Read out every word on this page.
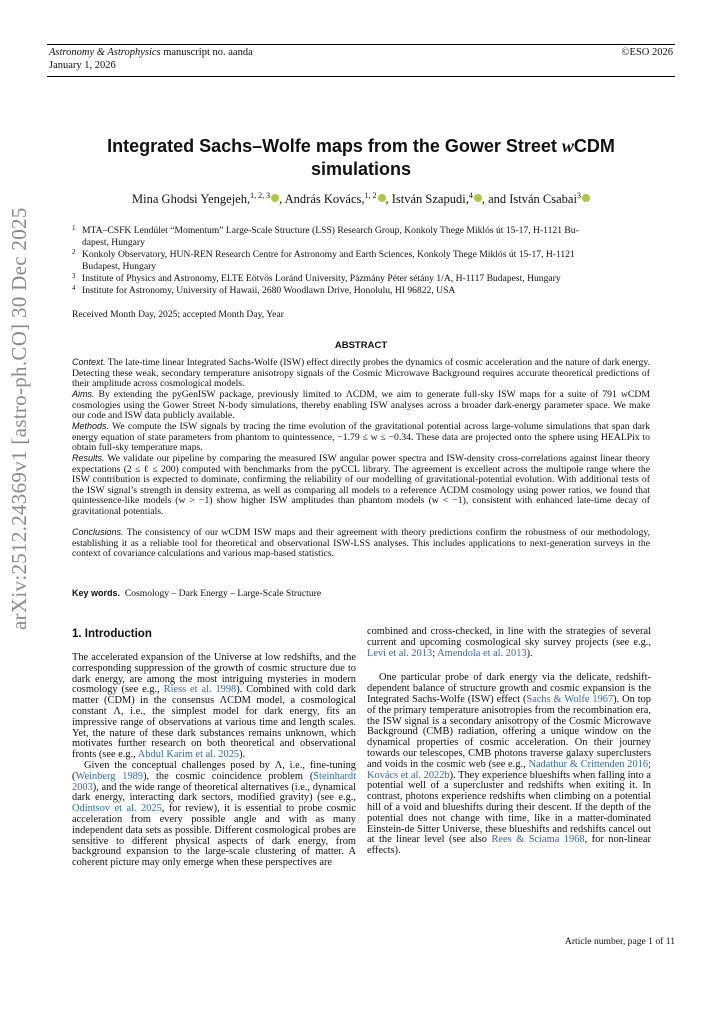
Astronomy & Astrophysics manuscript no. aanda
January 1, 2026
©ESO 2026
arXiv:2512.24369v1 [astro-ph.CO] 30 Dec 2025
Integrated Sachs–Wolfe maps from the Gower Street wCDM
simulations
Mina Ghodsi Yengejeh,$^{1, 2, 3}$ , András Kovács,$^{1, 2}$ , István Szapudi,$^4$ , and István Csabai$^3$
1 MTA–CSFK Lendület “Momentum” Large-Scale Structure (LSS) Research Group, Konkoly Thege Miklós út 15-17, H-1121 Bu-
dapest, Hungary
2 Konkoly Observatory, HUN-REN Research Centre for Astronomy and Earth Sciences, Konkoly Thege Miklós út 15-17, H-1121
Budapest, Hungary
3 Institute of Physics and Astronomy, ELTE Eötvös Loránd University, Pázmány Péter sétány 1/A, H-1117 Budapest, Hungary
4 Institute for Astronomy, University of Hawaii, 2680 Woodlawn Drive, Honolulu, HI 96822, USA
Received Month Day, 2025; accepted Month Day, Year
ABSTRACT
Context. The late-time linear Integrated Sachs-Wolfe (ISW) effect directly probes the dynamics of cosmic acceleration and the nature of dark energy. Detecting these weak, secondary temperature anisotropy signals of the Cosmic Microwave Background requires accurate theoretical predictions of their amplitude across cosmological models.
Aims. By extending the pyGenISW package, previously limited to ΛCDM, we aim to generate full-sky ISW maps for a suite of 791 wCDM cosmologies using the Gower Street N-body simulations, thereby enabling ISW analyses across a broader dark-energy parameter space. We make our code and ISW data publicly available.
Methods. We compute the ISW signals by tracing the time evolution of the gravitational potential across large-volume simulations that span dark energy equation of state parameters from phantom to quintessence, −1.79 ≤ w ≤ −0.34. These data are projected onto the sphere using HEALPix to obtain full-sky temperature maps.
Results. We validate our pipeline by comparing the measured ISW angular power spectra and ISW-density cross-correlations against linear theory expectations (2 ≤ ℓ ≤ 200) computed with benchmarks from the pyCCL library. The agreement is excellent across the multipole range where the ISW contribution is expected to dominate, confirming the reliability of our modelling of gravitational-potential evolution. With additional tests of the ISW signal’s strength in density extrema, as well as comparing all models to a reference ΛCDM cosmology using power ratios, we found that quintessence-like models (w > −1) show higher ISW amplitudes than phantom models (w < −1), consistent with enhanced late-time decay of gravitational potentials.
Conclusions. The consistency of our wCDM ISW maps and their agreement with theory predictions confirm the robustness of our methodology, establishing it as a reliable tool for theoretical and observational ISW-LSS analyses. This includes applications to next-generation surveys in the context of covariance calculations and various map-based statistics.
Key words. Cosmology – Dark Energy – Large-Scale Structure
1. Introduction

The accelerated expansion of the Universe at low redshifts, and the corresponding suppression of the growth of cosmic structure due to dark energy, are among the most intriguing mysteries in modern cosmology (see e.g., Riess et al. 1998). Combined with cold dark matter (CDM) in the consensus ΛCDM model, a cosmological constant Λ, i.e., the simplest model for dark energy, fits an impressive range of observations at various time and length scales. Yet, the nature of these dark substances remains unknown, which motivates further research on both theoretical and observational fronts (see e.g., Abdul Karim et al. 2025).

Given the conceptual challenges posed by Λ, i.e., fine-tuning (Weinberg 1989), the cosmic coincidence problem (Steinhardt 2003), and the wide range of theoretical alternatives (i.e., dynamical dark energy, interacting dark sectors, modified gravity) (see e.g., Odintsov et al. 2025, for review), it is essential to probe cosmic acceleration from every possible angle and with as many independent data sets as possible. Different cosmological probes are sensitive to different physical aspects of dark energy, from background expansion to the large-scale clustering of matter. A coherent picture may only emerge when these perspectives are

combined and cross-checked, in line with the strategies of several current and upcoming cosmological sky survey projects (see e.g., Levi et al. 2013; Amendola et al. 2013).

One particular probe of dark energy via the delicate, redshift-dependent balance of structure growth and cosmic expansion is the Integrated Sachs-Wolfe (ISW) effect (Sachs & Wolfe 1967). On top of the primary temperature anisotropies from the recombination era, the ISW signal is a secondary anisotropy of the Cosmic Microwave Background (CMB) radiation, offering a unique window on the dynamical properties of cosmic acceleration. On their journey towards our telescopes, CMB photons traverse galaxy superclusters and voids in the cosmic web (see e.g., Nadathur & Crittenden 2016; Kovács et al. 2022b). They experience blueshifts when falling into a potential well of a supercluster and redshifts when exiting it. In contrast, photons experience redshifts when climbing on a potential hill of a void and blueshifts during their descent. If the depth of the potential does not change with time, like in a matter-dominated Einstein-de Sitter Universe, these blueshifts and redshifts cancel out at the linear level (see also Rees & Sciama 1968, for non-linear effects).

Article number, page 1 of 11
